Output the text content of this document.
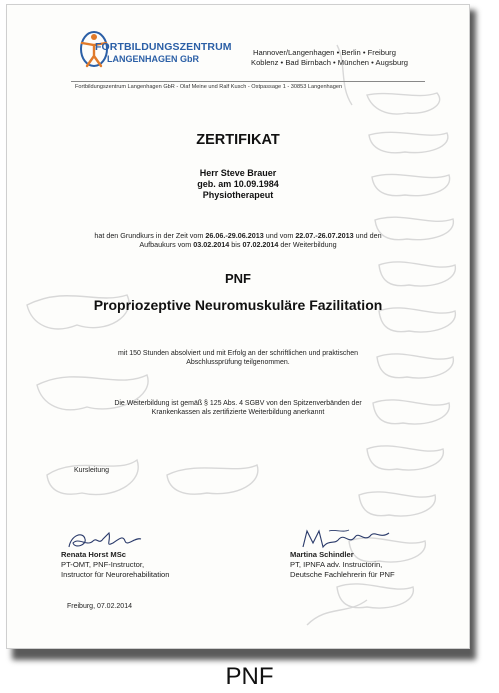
FORTBILDUNGSZENTRUM
LANGENHAGEN GbR
Hannover/Langenhagen • Berlin • Freiburg
Koblenz • Bad Birnbach • München • Augsburg
Fortbildungszentrum Langenhagen GbR - Olaf Meine und Ralf Kusch - Ostpassage 1 - 30853 Langenhagen
ZERTIFIKAT
Herr Steve Brauer
geb. am 10.09.1984
Physiotherapeut
hat den Grundkurs in der Zeit vom 26.06.-29.06.2013 und vom 22.07.-26.07.2013 und den
Aufbaukurs vom 03.02.2014 bis 07.02.2014 der Weiterbildung
PNF
Propriozeptive Neuromuskuläre Fazilitation
mit 150 Stunden absolviert und mit Erfolg an der schriftlichen und praktischen
Abschlussprüfung teilgenommen.
Die Weiterbildung ist gemäß § 125 Abs. 4 SGBV von den Spitzenverbänden der
Krankenkassen als zertifizierte Weiterbildung anerkannt
Kursleitung
Renata Horst MSc
PT-OMT, PNF-Instructor,
Instructor für Neurorehabilitation
Martina Schindler
PT, IPNFA adv. Instructorin,
Deutsche Fachlehrerin für PNF
Freiburg, 07.02.2014
PNF
